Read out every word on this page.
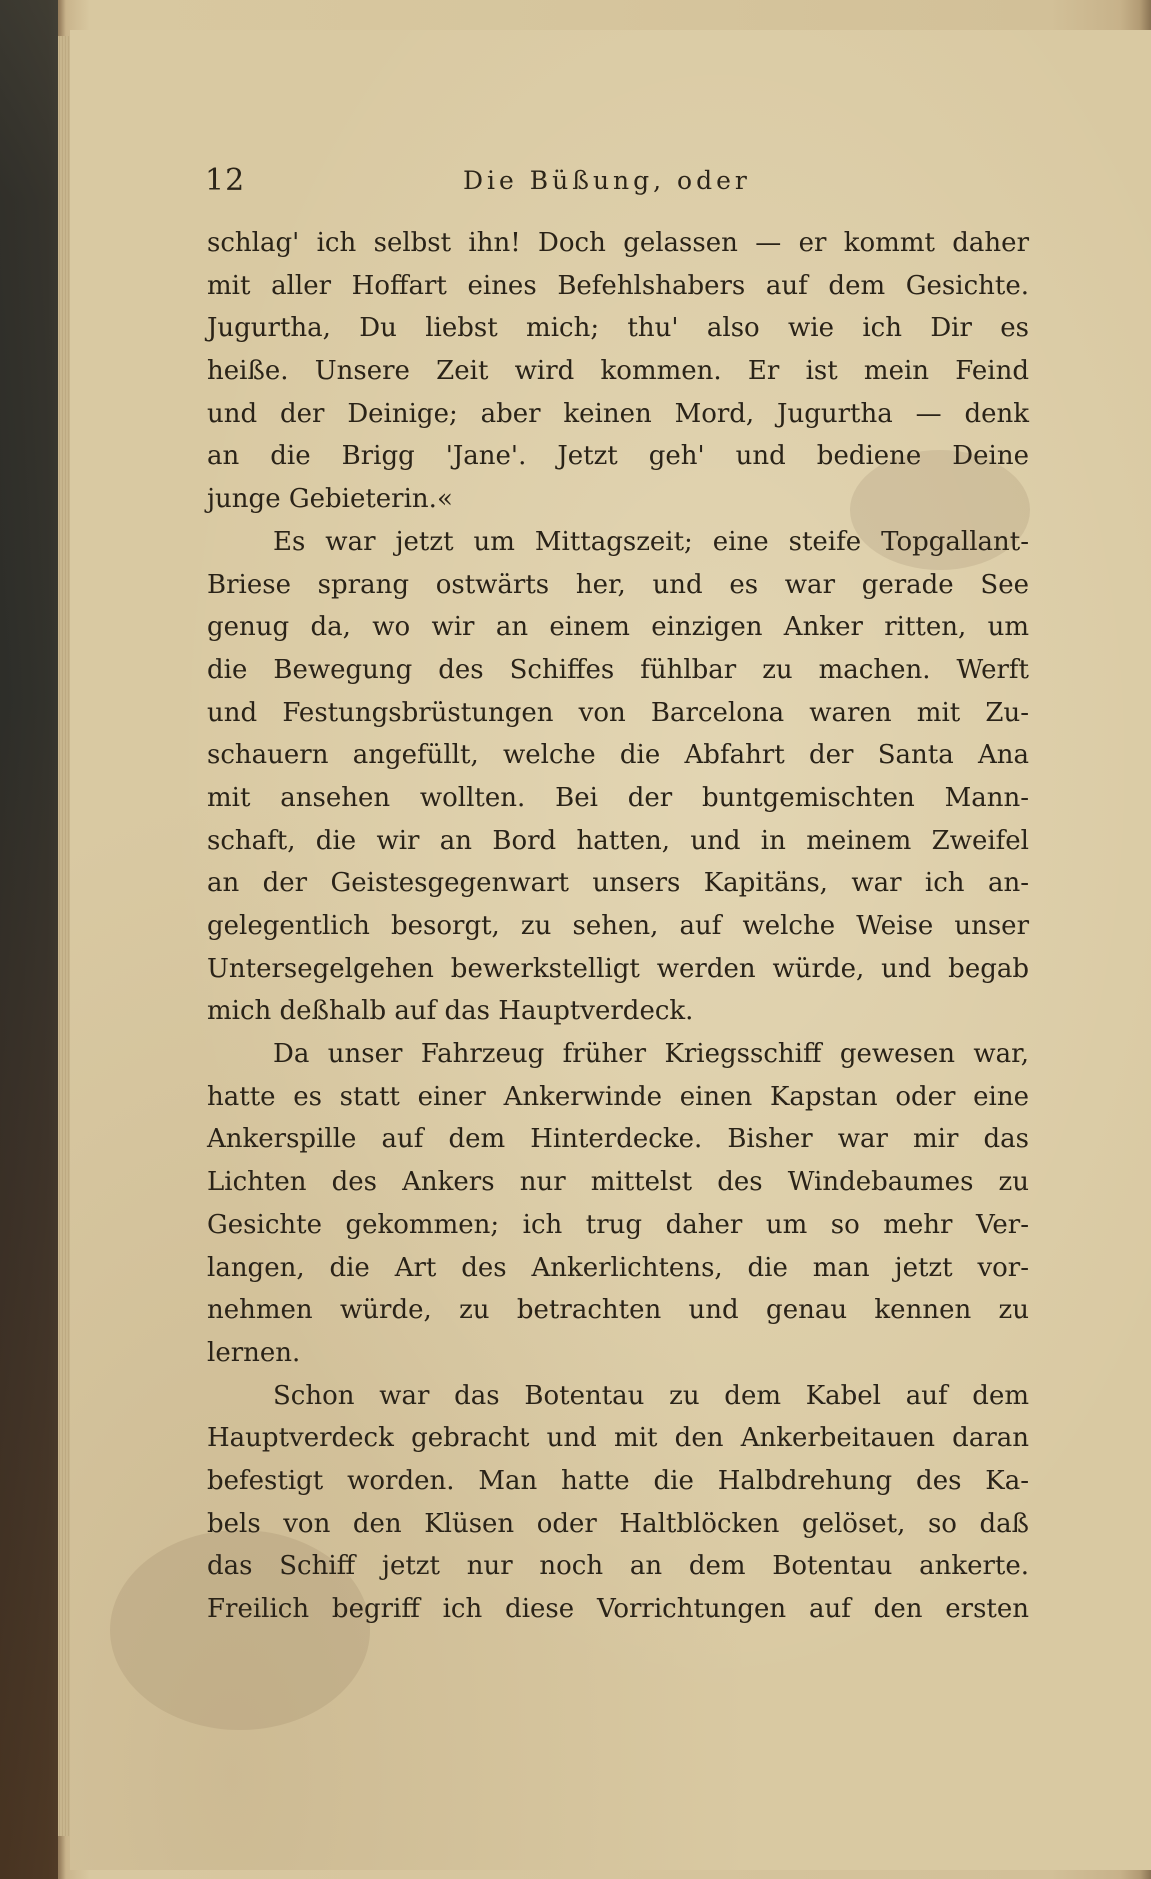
12	Die Büßung, oder
schlag' ich selbst ihn! Doch gelassen — er kommt daher
mit aller Hoffart eines Befehlshabers auf dem Gesichte.
Jugurtha, Du liebst mich; thu' also wie ich Dir es
heiße. Unsere Zeit wird kommen. Er ist mein Feind
und der Deinige; aber keinen Mord, Jugurtha — denk
an die Brigg 'Jane'. Jetzt geh' und bediene Deine
junge Gebieterin.«
Es war jetzt um Mittagszeit; eine steife Topgallant-
Briese sprang ostwärts her, und es war gerade See
genug da, wo wir an einem einzigen Anker ritten, um
die Bewegung des Schiffes fühlbar zu machen. Werft
und Festungsbrüstungen von Barcelona waren mit Zu-
schauern angefüllt, welche die Abfahrt der Santa Ana
mit ansehen wollten. Bei der buntgemischten Mann-
schaft, die wir an Bord hatten, und in meinem Zweifel
an der Geistesgegenwart unsers Kapitäns, war ich an-
gelegentlich besorgt, zu sehen, auf welche Weise unser
Untersegelgehen bewerkstelligt werden würde, und begab
mich deßhalb auf das Hauptverdeck.
Da unser Fahrzeug früher Kriegsschiff gewesen war,
hatte es statt einer Ankerwinde einen Kapstan oder eine
Ankerspille auf dem Hinterdecke. Bisher war mir das
Lichten des Ankers nur mittelst des Windebaumes zu
Gesichte gekommen; ich trug daher um so mehr Ver-
langen, die Art des Ankerlichtens, die man jetzt vor-
nehmen würde, zu betrachten und genau kennen zu
lernen.
Schon war das Botentau zu dem Kabel auf dem
Hauptverdeck gebracht und mit den Ankerbeitauen daran
befestigt worden. Man hatte die Halbdrehung des Ka-
bels von den Klüsen oder Haltblöcken gelöset, so daß
das Schiff jetzt nur noch an dem Botentau ankerte.
Freilich begriff ich diese Vorrichtungen auf den ersten
